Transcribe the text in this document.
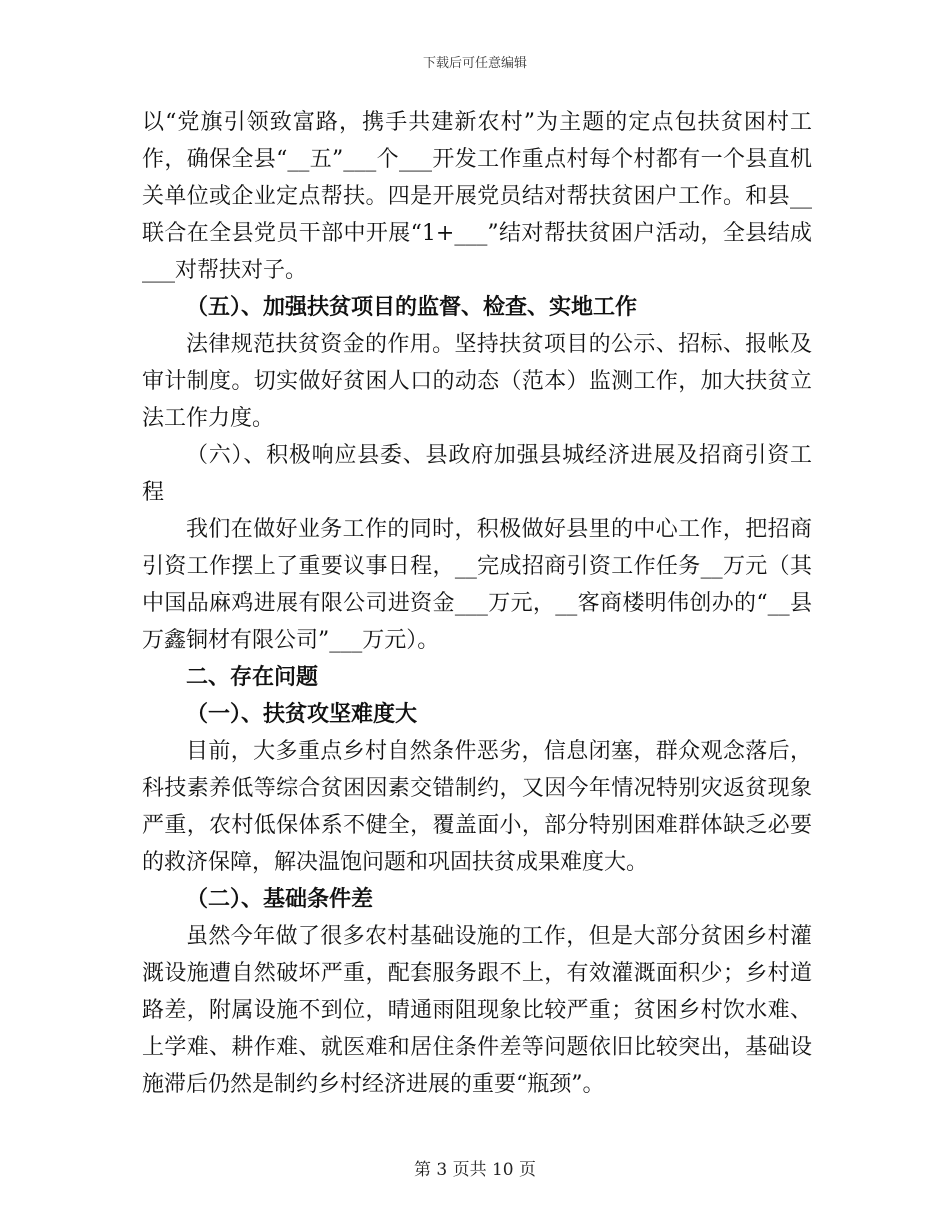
下载后可任意编辑

以“党旗引领致富路，携手共建新农村”为主题的定点包扶贫困村工作，确保全县“__五”___个___开发工作重点村每个村都有一个县直机关单位或企业定点帮扶。四是开展党员结对帮扶贫困户工作。和县__联合在全县党员干部中开展“1+___”结对帮扶贫困户活动，全县结成___对帮扶对子。

（五）、加强扶贫项目的监督、检查、实地工作

法律规范扶贫资金的作用。坚持扶贫项目的公示、招标、报帐及审计制度。切实做好贫困人口的动态（范本）监测工作，加大扶贫立法工作力度。

（六）、积极响应县委、县政府加强县城经济进展及招商引资工程

我们在做好业务工作的同时，积极做好县里的中心工作，把招商引资工作摆上了重要议事日程，__完成招商引资工作任务__万元（其中国品麻鸡进展有限公司进资金___万元，__客商楼明伟创办的“__县万鑫铜材有限公司”___万元）。

二、存在问题

（一）、扶贫攻坚难度大

目前，大多重点乡村自然条件恶劣，信息闭塞，群众观念落后，科技素养低等综合贫困因素交错制约，又因今年情况特别灾返贫现象严重，农村低保体系不健全，覆盖面小，部分特别困难群体缺乏必要的救济保障，解决温饱问题和巩固扶贫成果难度大。

（二）、基础条件差

虽然今年做了很多农村基础设施的工作，但是大部分贫困乡村灌溉设施遭自然破坏严重，配套服务跟不上，有效灌溉面积少；乡村道路差，附属设施不到位，晴通雨阻现象比较严重；贫困乡村饮水难、上学难、耕作难、就医难和居住条件差等问题依旧比较突出，基础设施滞后仍然是制约乡村经济进展的重要“瓶颈”。

第 3 页共 10 页
